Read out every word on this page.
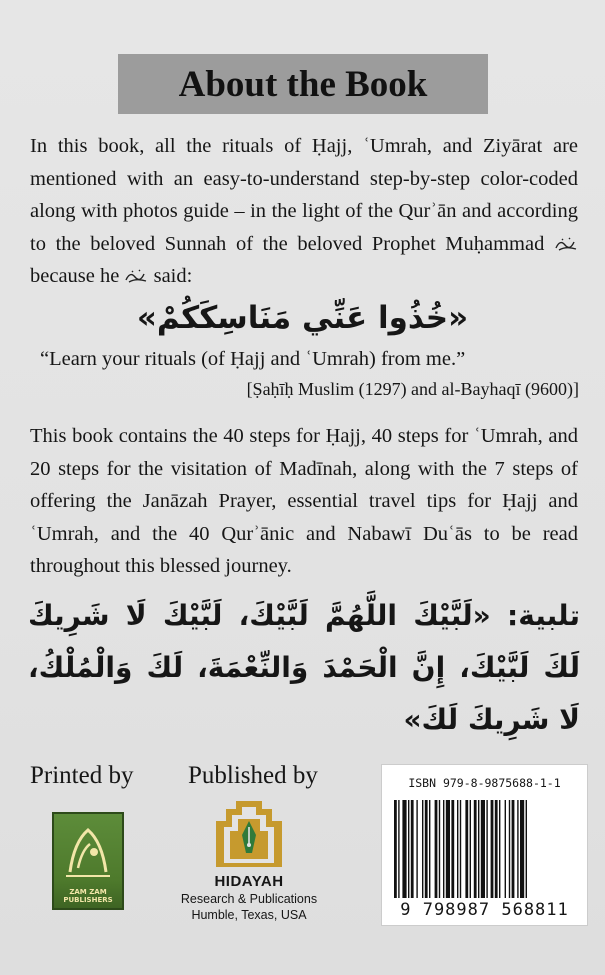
About the Book

In this book, all the rituals of Ḥajj, ʿUmrah, and Ziyārat are mentioned with an easy-to-understand step-by-step color-coded along with photos guide – in the light of the Qurʾān and according to the beloved Sunnah of the beloved Prophet Muḥammad  because he said:

«خُذُوا عَنِّي مَنَاسِكَكُمْ»

“Learn your rituals (of Ḥajj and ʿUmrah) from me.”

[Ṣaḥīḥ Muslim (1297) and al-Bayhaqī (9600)]

This book contains the 40 steps for Ḥajj, 40 steps for ʿUmrah, and 20 steps for the visitation of Madīnah, along with the 7 steps of offering the Janāzah Prayer, essential travel tips for Ḥajj and ʿUmrah, and the 40 Qurʾānic and Nabawī Duʿās to be read throughout this blessed journey.

تلبية: «لَبَّيْكَ اللَّهُمَّ لَبَّيْكَ، لَبَّيْكَ لَا شَرِيكَ لَكَ لَبَّيْكَ، إِنَّ الْحَمْدَ وَالنِّعْمَةَ، لَكَ وَالْمُلْكُ، لَا شَرِيكَ لَكَ»

Printed by Published by

ZAM ZAM
PUBLISHERS

HIDAYAH

Research & Publications

Humble, Texas, USA

ISBN 979-8-9875688-1-1

9 798987 568811
